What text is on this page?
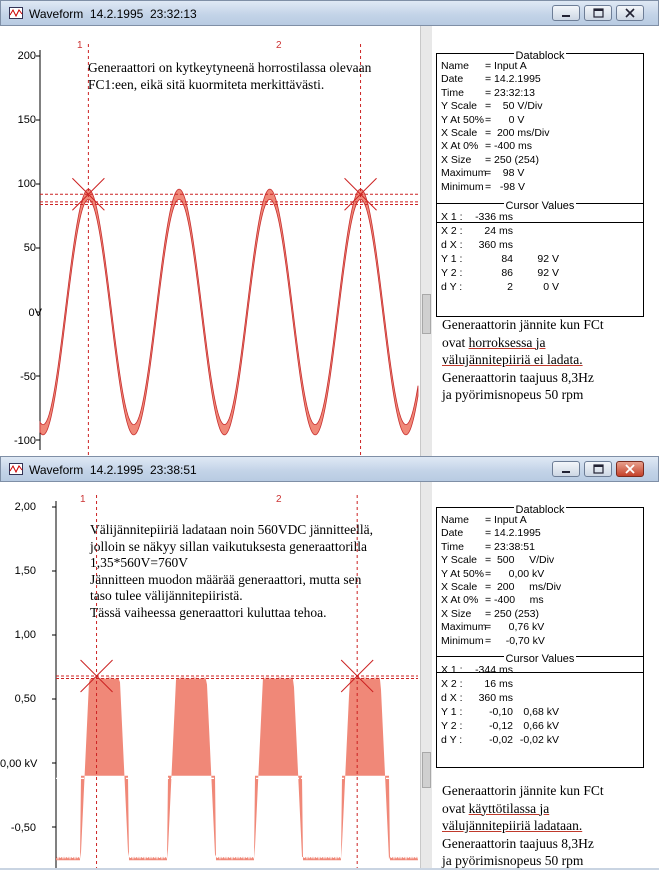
Waveform 14.2.1995 23:32:13
200
150
100
50
0V
-50
-100
1	2
Generaattori on kytkeytyneenä horrostilassa olevaan FC1:een, eikä sitä kuormiteta merkittävästi.
Datablock
Name = Input A
Date = 14.2.1995
Time = 23:32:13
Y Scale =    50 V/Div
Y At 50%=      0 V
X Scale =  200 ms/Div
X At 0% = -400 ms
X Size = 250 (254)
Maximum=    98 V
Minimum=   -98 V
Cursor Values
X 1 : -336 ms
X 2 : 24 ms
d X : 360 ms
Y 1 :	84 92 V
Y 2 :	86 92 V
d Y :	2	0 V
Generaattorin jännite kun FCt
ovat horroksessa ja
välujännitepiiriä ei ladata.
Generaattorin taajuus 8,3Hz
ja pyörimisnopeus 50 rpm
Waveform 14.2.1995 23:38:51
2,00
1,50
1,00
0,50
0,00 kV
-0,50
1	2
Välijännitepiiriä ladataan noin 560VDC jännitteellä,
jolloin se näkyy sillan vaikutuksesta generaattorilla
1,35*560V=760V
Jännitteen muodon määrää generaattori, mutta sen
taso tulee välijännitepiiristä.
Tässä vaiheessa generaattori kuluttaa tehoa.
Datablock
Name = Input A
Date = 14.2.1995
Time = 23:38:51
Y Scale =  500     V/Div
Y At 50%=      0,00 kV
X Scale =  200     ms/Div
X At 0% = -400     ms
X Size = 250 (253)
Maximum=      0,76 kV
Minimum=     -0,70 kV
Cursor Values
X 1 : -344 ms
X 2 : 16 ms
d X : 360 ms
Y 1 :	-0,10 0,68 kV
Y 2 :	-0,12 0,66 kV
d Y :	-0,02 -0,02 kV
Generaattorin jännite kun FCt
ovat käyttötilassa ja
välujännitepiiriä ladataan.
Generaattorin taajuus 8,3Hz
ja pyörimisnopeus 50 rpm
